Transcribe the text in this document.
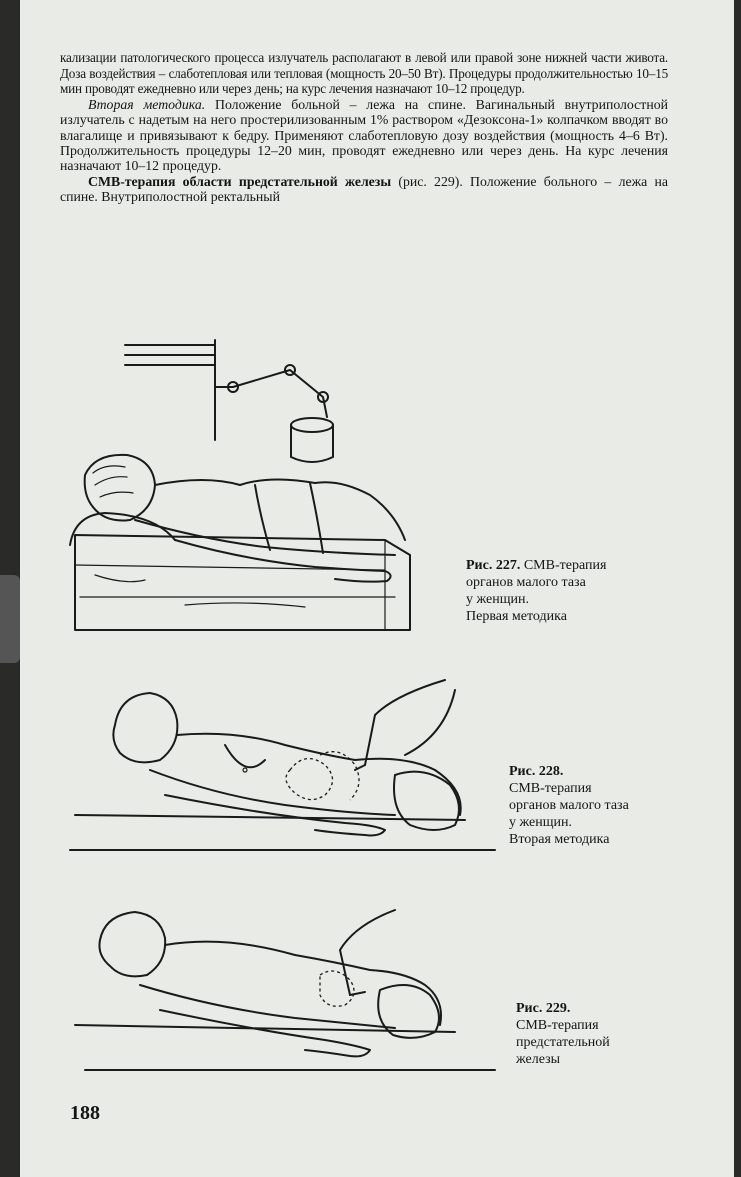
кализации патологического процесса излучатель располагают в левой или правой зоне нижней части живота. Доза воздействия – слаботепловая или тепловая (мощность 20–50 Вт). Процедуры продолжительностью 10–15 мин проводят ежедневно или через день; на курс лечения назначают 10–12 процедур.

Вторая методика. Положение больной – лежа на спине. Вагинальный внутриполостной излучатель с надетым на него простерилизованным 1% раствором «Дезоксона-1» колпачком вводят во влагалище и привязывают к бедру. Применяют слаботепловую дозу воздействия (мощность 4–6 Вт). Продолжительность процедуры 12–20 мин, проводят ежедневно или через день. На курс лечения назначают 10–12 процедур.

СМВ-терапия области предстательной железы (рис. 229). Положение больного – лежа на спине. Внутриполостной ректальный

Рис. 227. СМВ-терапия
органов малого таза
у женщин.
Первая методика
Рис. 228.
СМВ-терапия
органов малого таза
у женщин.
Вторая методика
Рис. 229.
СМВ-терапия
предстательной
железы
188
